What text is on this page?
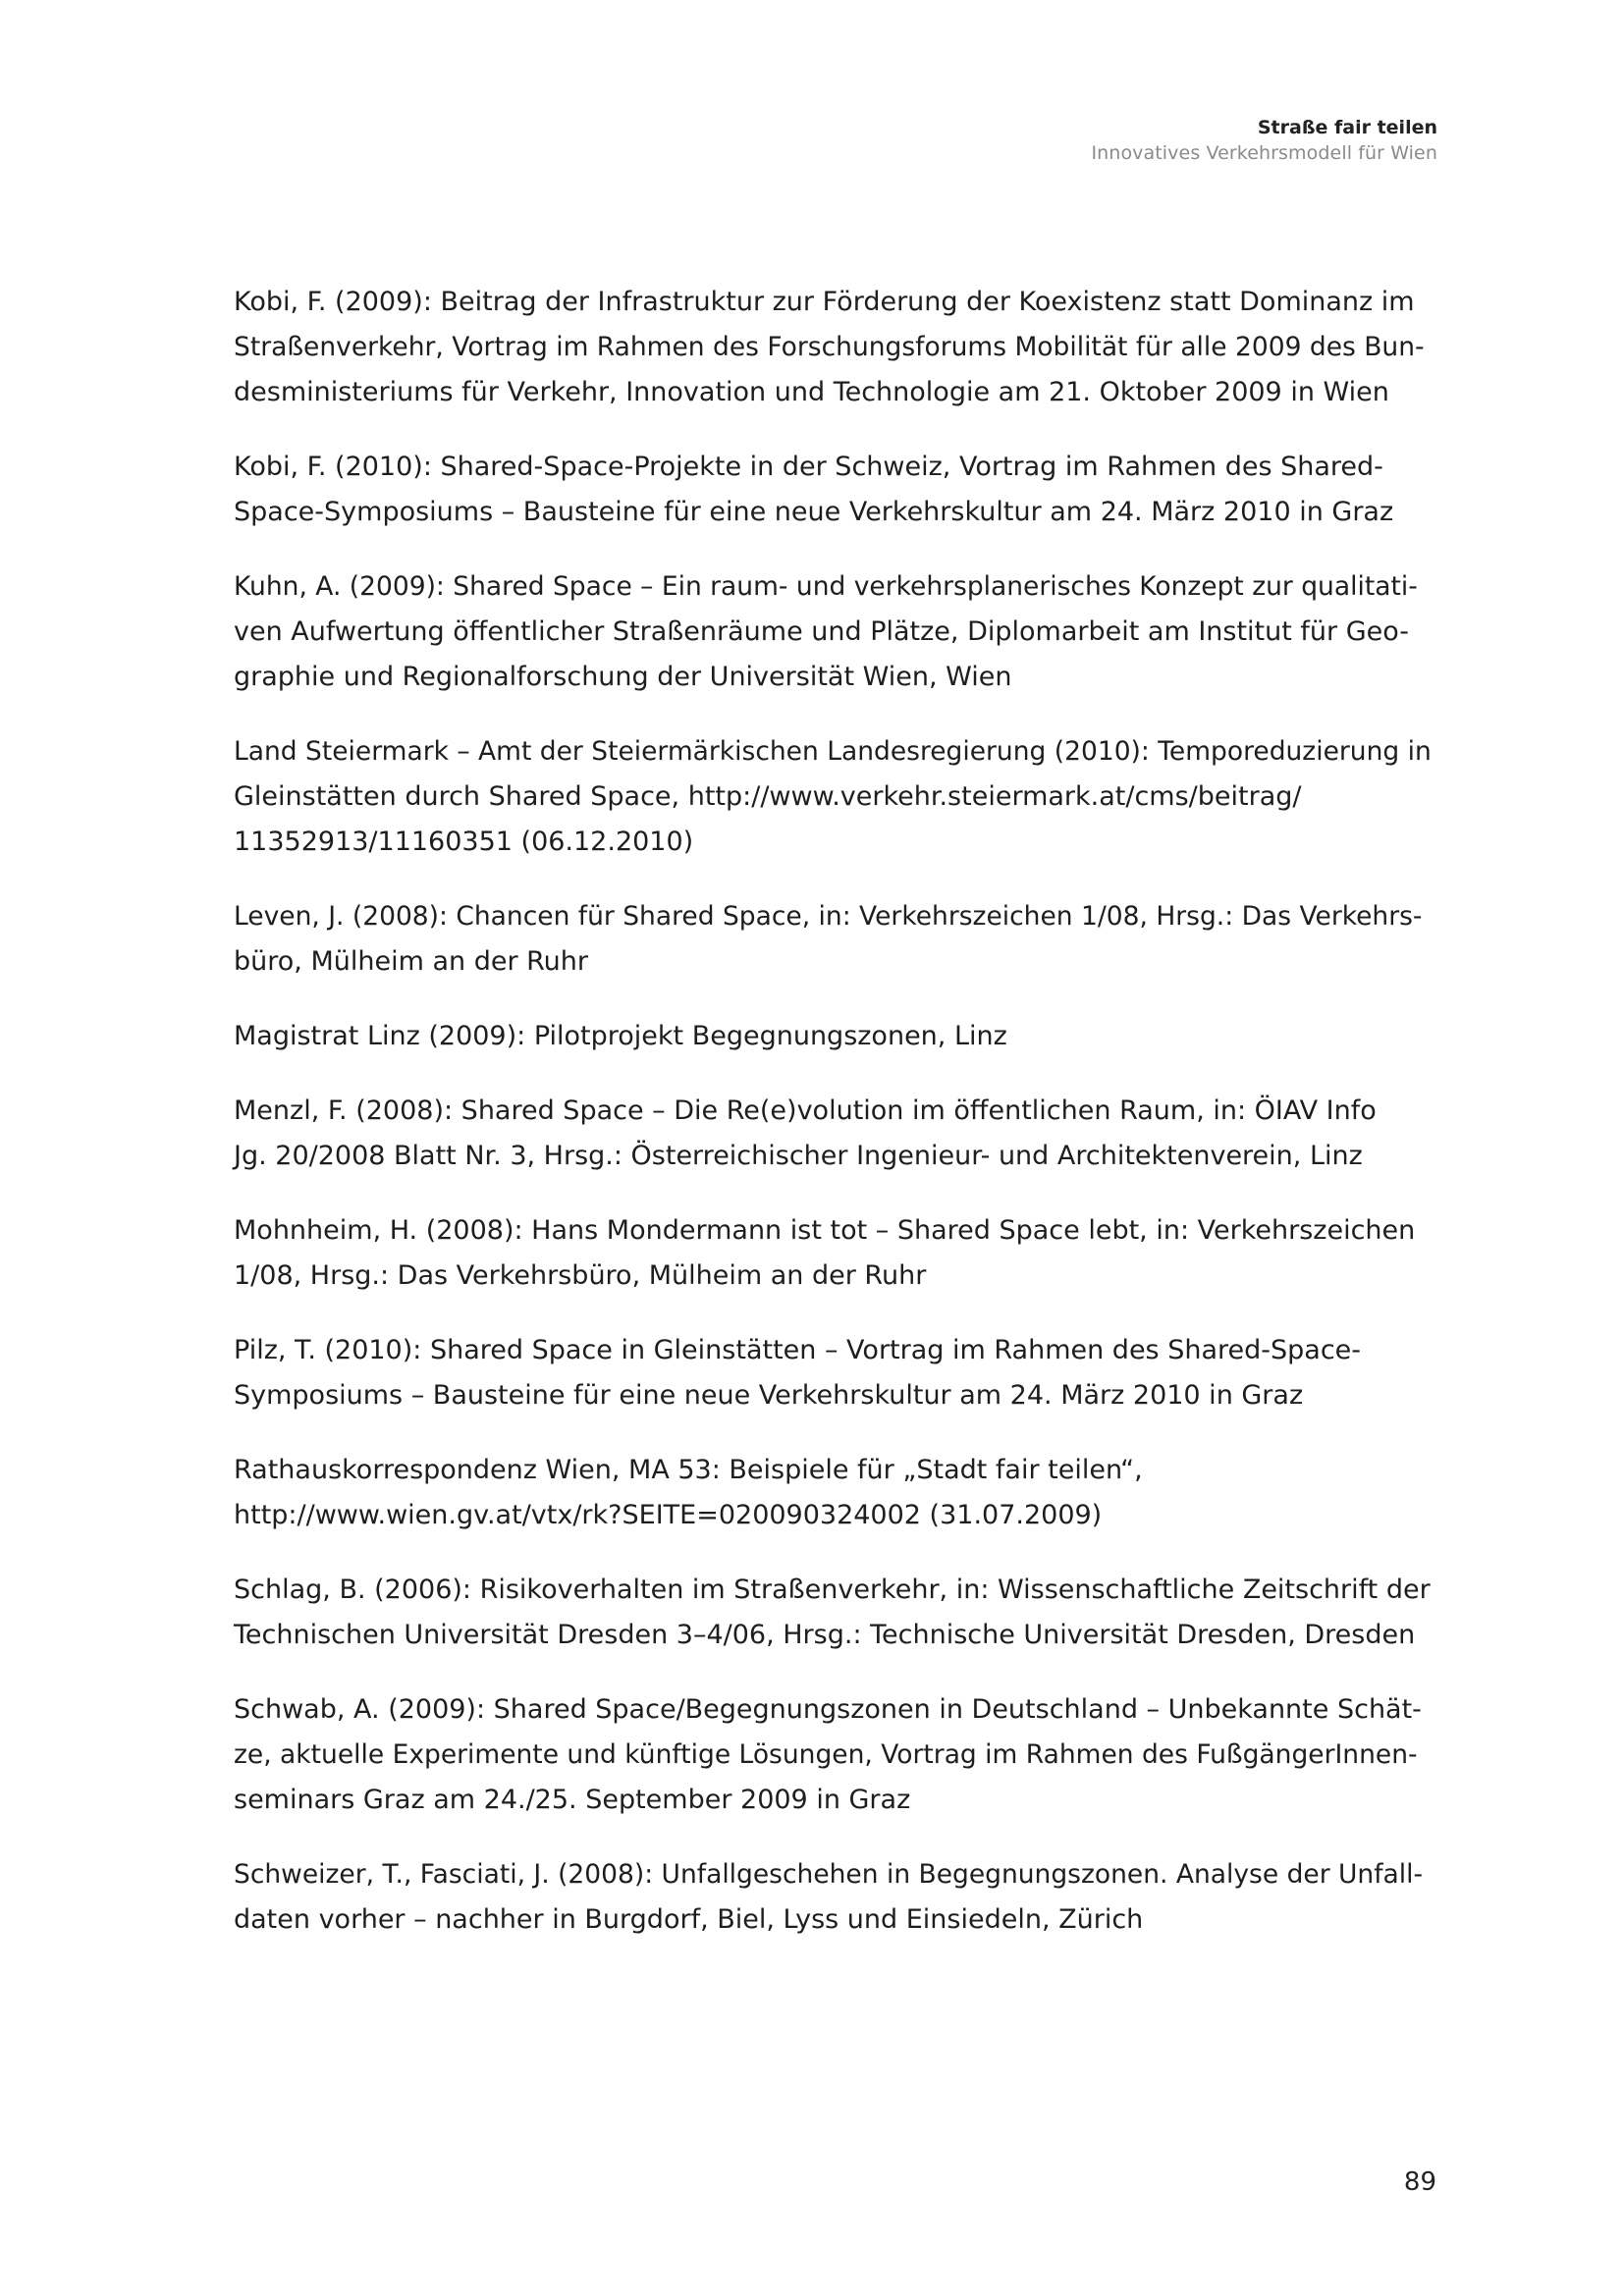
Straße fair teilen
Innovatives Verkehrsmodell für Wien
Kobi, F. (2009): Beitrag der Infrastruktur zur Förderung der Koexistenz statt Dominanz im
Straßenverkehr, Vortrag im Rahmen des Forschungsforums Mobilität für alle 2009 des Bun-
desministeriums für Verkehr, Innovation und Technologie am 21. Oktober 2009 in Wien
Kobi, F. (2010): Shared-Space-Projekte in der Schweiz, Vortrag im Rahmen des Shared-
Space-Symposiums – Bausteine für eine neue Verkehrskultur am 24. März 2010 in Graz
Kuhn, A. (2009): Shared Space – Ein raum- und verkehrsplanerisches Konzept zur qualitati-
ven Aufwertung öffentlicher Straßenräume und Plätze, Diplomarbeit am Institut für Geo-
graphie und Regionalforschung der Universität Wien, Wien
Land Steiermark – Amt der Steiermärkischen Landesregierung (2010): Temporeduzierung in
Gleinstätten durch Shared Space, http://www.verkehr.steiermark.at/cms/beitrag/
11352913/11160351 (06.12.2010)
Leven, J. (2008): Chancen für Shared Space, in: Verkehrszeichen 1/08, Hrsg.: Das Verkehrs-
büro, Mülheim an der Ruhr
Magistrat Linz (2009): Pilotprojekt Begegnungszonen, Linz
Menzl, F. (2008): Shared Space – Die Re(e)volution im öffentlichen Raum, in: ÖIAV Info
Jg. 20/2008 Blatt Nr. 3, Hrsg.: Österreichischer Ingenieur- und Architektenverein, Linz
Mohnheim, H. (2008): Hans Mondermann ist tot – Shared Space lebt, in: Verkehrszeichen
1/08, Hrsg.: Das Verkehrsbüro, Mülheim an der Ruhr
Pilz, T. (2010): Shared Space in Gleinstätten – Vortrag im Rahmen des Shared-Space-
Symposiums – Bausteine für eine neue Verkehrskultur am 24. März 2010 in Graz
Rathauskorrespondenz Wien, MA 53: Beispiele für „Stadt fair teilen“,
http://www.wien.gv.at/vtx/rk?SEITE=020090324002 (31.07.2009)
Schlag, B. (2006): Risikoverhalten im Straßenverkehr, in: Wissenschaftliche Zeitschrift der
Technischen Universität Dresden 3–4/06, Hrsg.: Technische Universität Dresden, Dresden
Schwab, A. (2009): Shared Space/Begegnungszonen in Deutschland – Unbekannte Schät-
ze, aktuelle Experimente und künftige Lösungen, Vortrag im Rahmen des FußgängerInnen-
seminars Graz am 24./25. September 2009 in Graz
Schweizer, T., Fasciati, J. (2008): Unfallgeschehen in Begegnungszonen. Analyse der Unfall-
daten vorher – nachher in Burgdorf, Biel, Lyss und Einsiedeln, Zürich
89
